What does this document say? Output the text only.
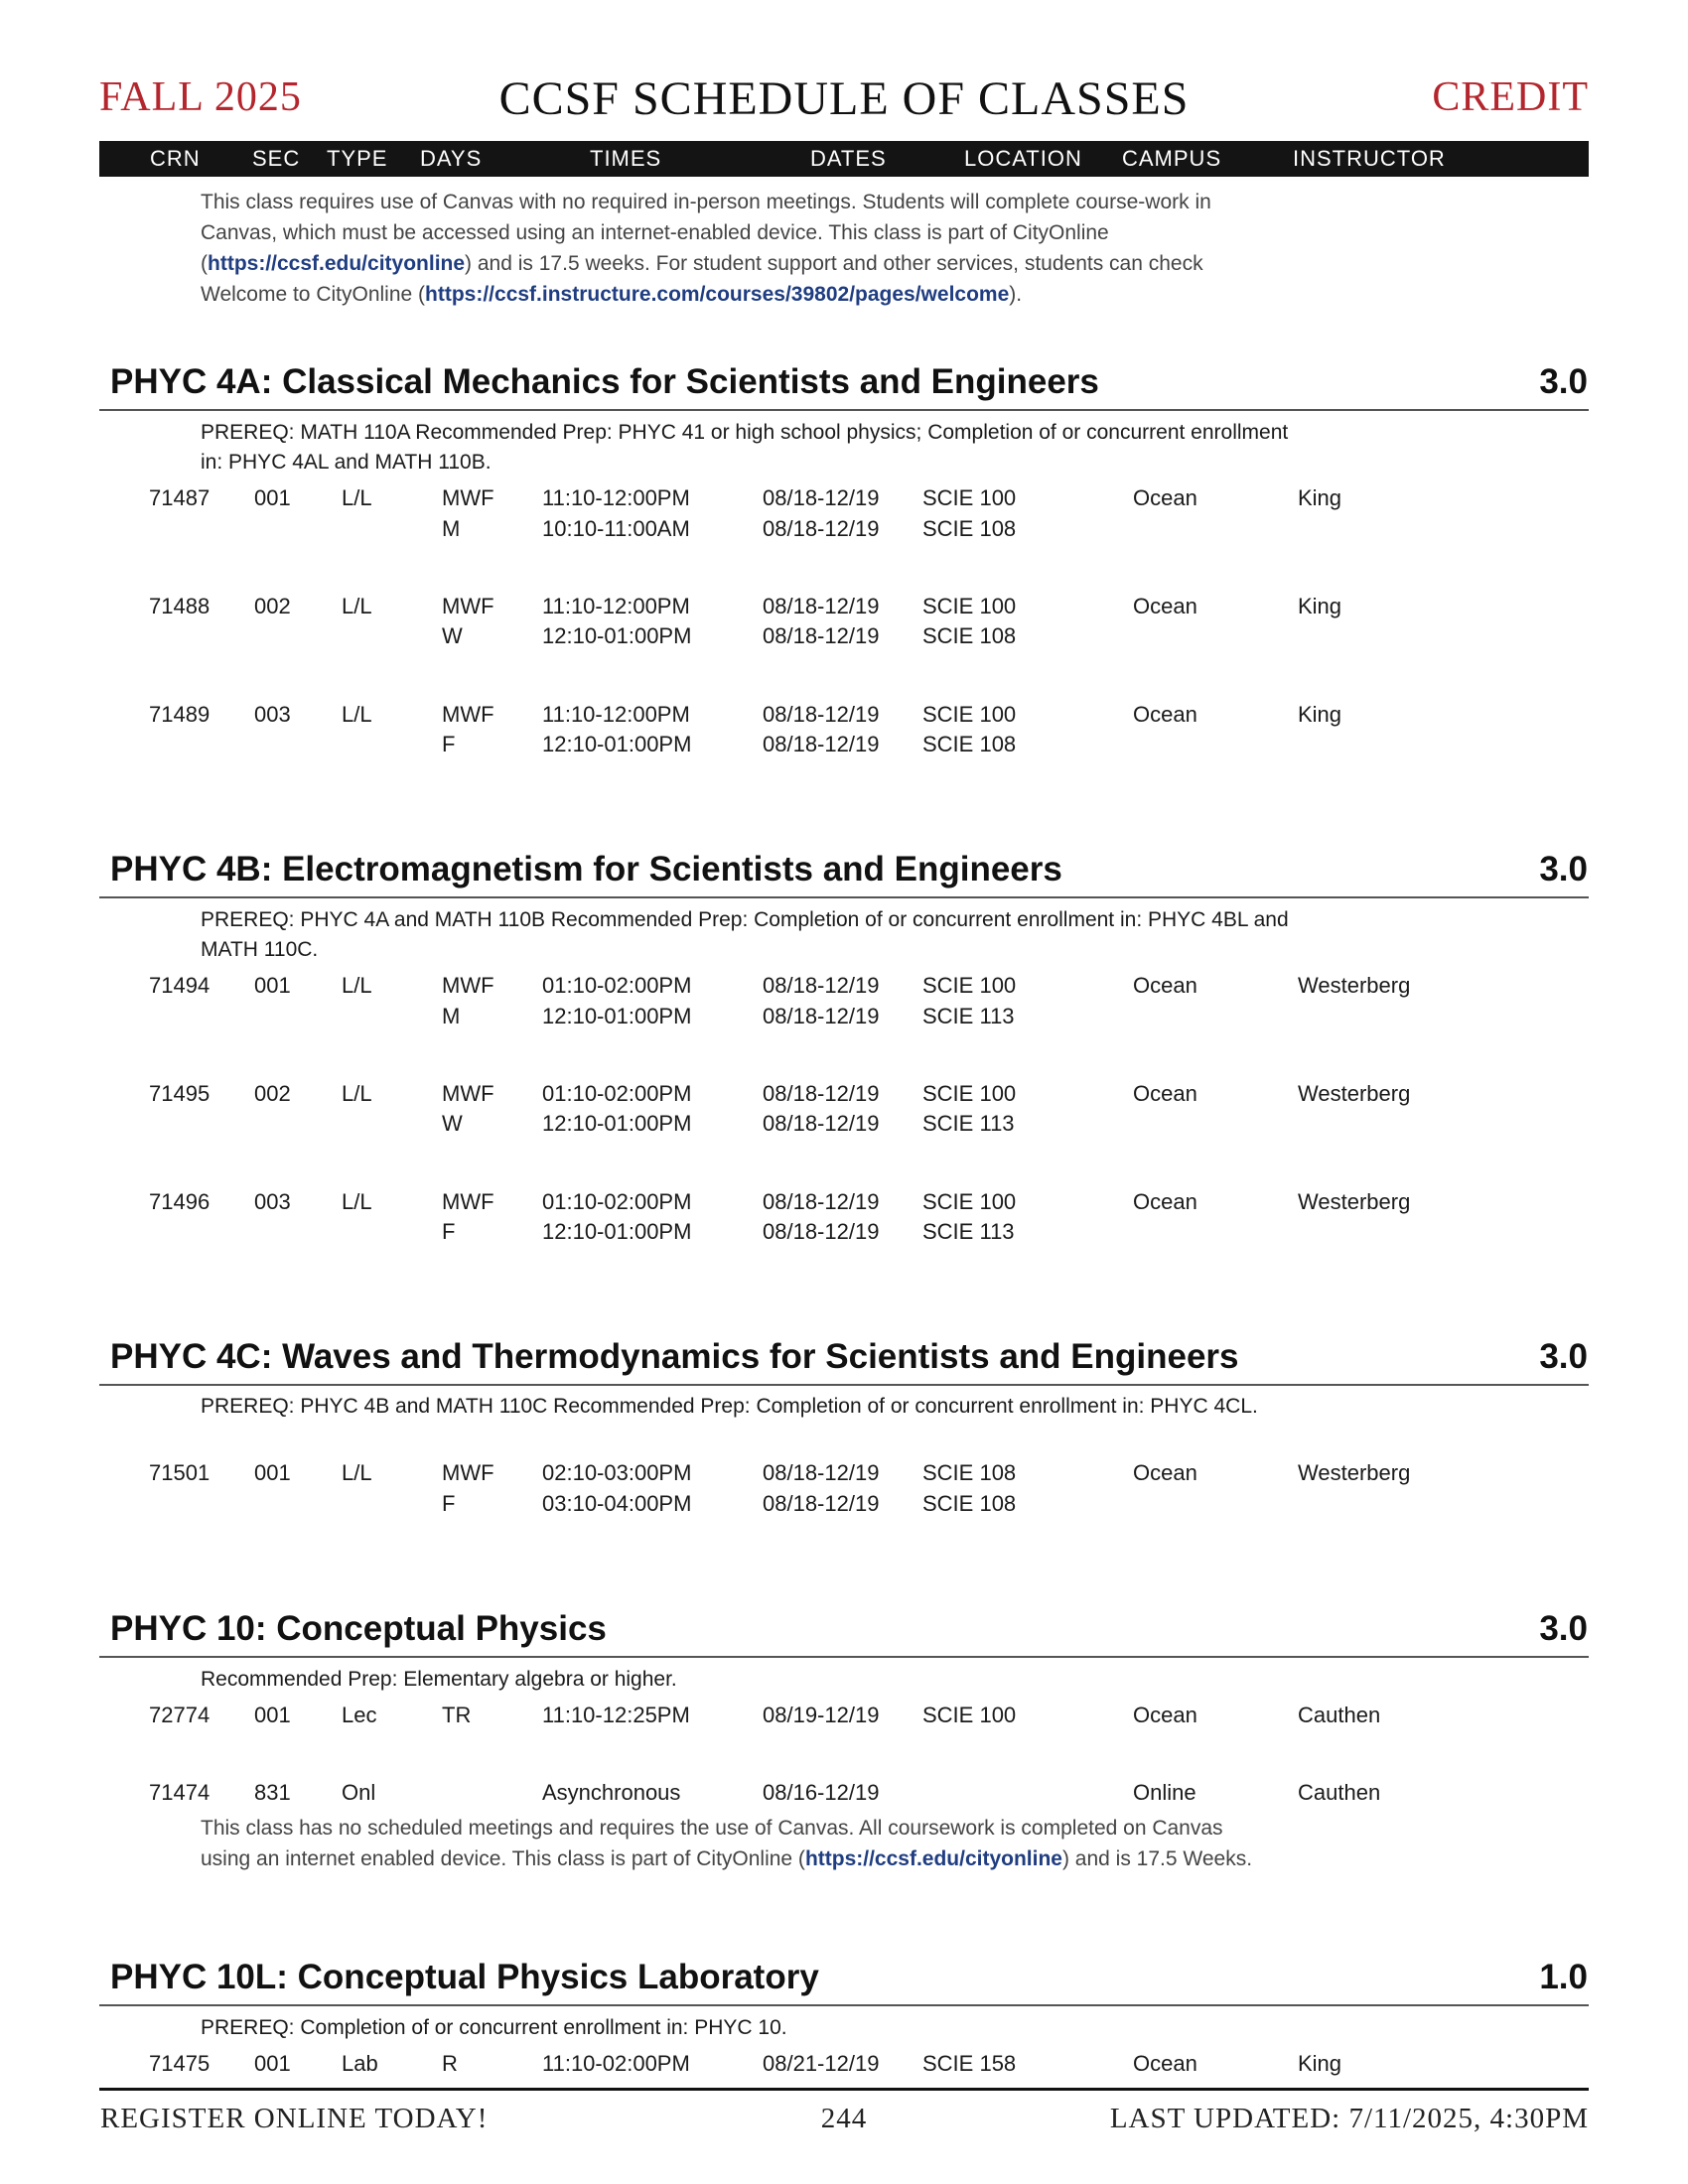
FALL 2025	CCSF SCHEDULE OF CLASSES	CREDIT
CRN SEC TYPE DAYS	TIMES	DATES	LOCATION CAMPUS	INSTRUCTOR
This class requires use of Canvas with no required in-person meetings. Students will complete course-work in Canvas, which must be accessed using an internet-enabled device. This class is part of CityOnline (https://ccsf.edu/cityonline) and is 17.5 weeks. For student support and other services, students can check Welcome to CityOnline (https://ccsf.instructure.com/courses/39802/pages/welcome).
PHYC 4A: Classical Mechanics for Scientists and Engineers	3.0
PREREQ: MATH 110A Recommended Prep: PHYC 41 or high school physics; Completion of or concurrent enrollment in: PHYC 4AL and MATH 110B.
71487 001 L/L	MWF 11:10-12:00PM	08/18-12/19 SCIE 100	Ocean	King
M	10:10-11:00AM	08/18-12/19 SCIE 108
71488 002 L/L	MWF 11:10-12:00PM	08/18-12/19 SCIE 100	Ocean	King
W	12:10-01:00PM	08/18-12/19 SCIE 108
71489 003 L/L	MWF 11:10-12:00PM	08/18-12/19 SCIE 100	Ocean	King
F	12:10-01:00PM	08/18-12/19 SCIE 108
PHYC 4B: Electromagnetism for Scientists and Engineers	3.0
PREREQ: PHYC 4A and MATH 110B Recommended Prep: Completion of or concurrent enrollment in: PHYC 4BL and MATH 110C.
71494 001 L/L	MWF 01:10-02:00PM	08/18-12/19 SCIE 100	Ocean	Westerberg
M	12:10-01:00PM	08/18-12/19 SCIE 113
71495 002 L/L	MWF 01:10-02:00PM	08/18-12/19 SCIE 100	Ocean	Westerberg
W	12:10-01:00PM	08/18-12/19 SCIE 113
71496 003 L/L	MWF 01:10-02:00PM	08/18-12/19 SCIE 100	Ocean	Westerberg
F	12:10-01:00PM	08/18-12/19 SCIE 113
PHYC 4C: Waves and Thermodynamics for Scientists and Engineers	3.0
PREREQ: PHYC 4B and MATH 110C Recommended Prep: Completion of or concurrent enrollment in: PHYC 4CL.
71501 001 L/L	MWF 02:10-03:00PM	08/18-12/19 SCIE 108	Ocean	Westerberg
F	03:10-04:00PM	08/18-12/19 SCIE 108
PHYC 10: Conceptual Physics	3.0
Recommended Prep: Elementary algebra or higher.
72774 001 Lec	TR	11:10-12:25PM	08/19-12/19 SCIE 100	Ocean	Cauthen
71474 831 Onl	Asynchronous	08/16-12/19	Online	Cauthen
This class has no scheduled meetings and requires the use of Canvas. All coursework is completed on Canvas using an internet enabled device. This class is part of CityOnline (https://ccsf.edu/cityonline) and is 17.5 Weeks.
PHYC 10L: Conceptual Physics Laboratory	1.0
PREREQ: Completion of or concurrent enrollment in: PHYC 10.
71475 001 Lab	R	11:10-02:00PM	08/21-12/19 SCIE 158	Ocean	King
REGISTER ONLINE TODAY!	244	LAST UPDATED: 7/11/2025, 4:30PM
